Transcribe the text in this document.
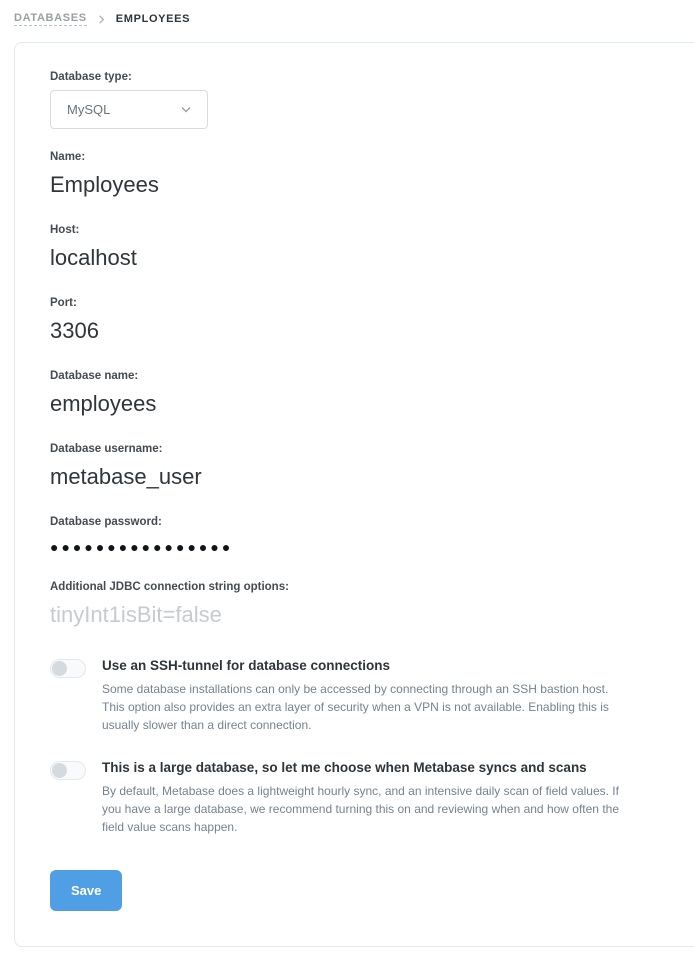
DATABASES	EMPLOYEES
Database type:
MySQL
Name:
Employees
Host:
localhost
Port:
3306
Database name:
employees
Database username:
metabase_user
Database password:
●●●●●●●●●●●●●●●●
Additional JDBC connection string options:
tinyInt1isBit=false
Use an SSH-tunnel for database connections
Some database installations can only be accessed by connecting through an SSH bastion host. This option also provides an extra layer of security when a VPN is not available. Enabling this is usually slower than a direct connection.
This is a large database, so let me choose when Metabase syncs and scans
By default, Metabase does a lightweight hourly sync, and an intensive daily scan of field values. If you have a large database, we recommend turning this on and reviewing when and how often the field value scans happen.
Save
